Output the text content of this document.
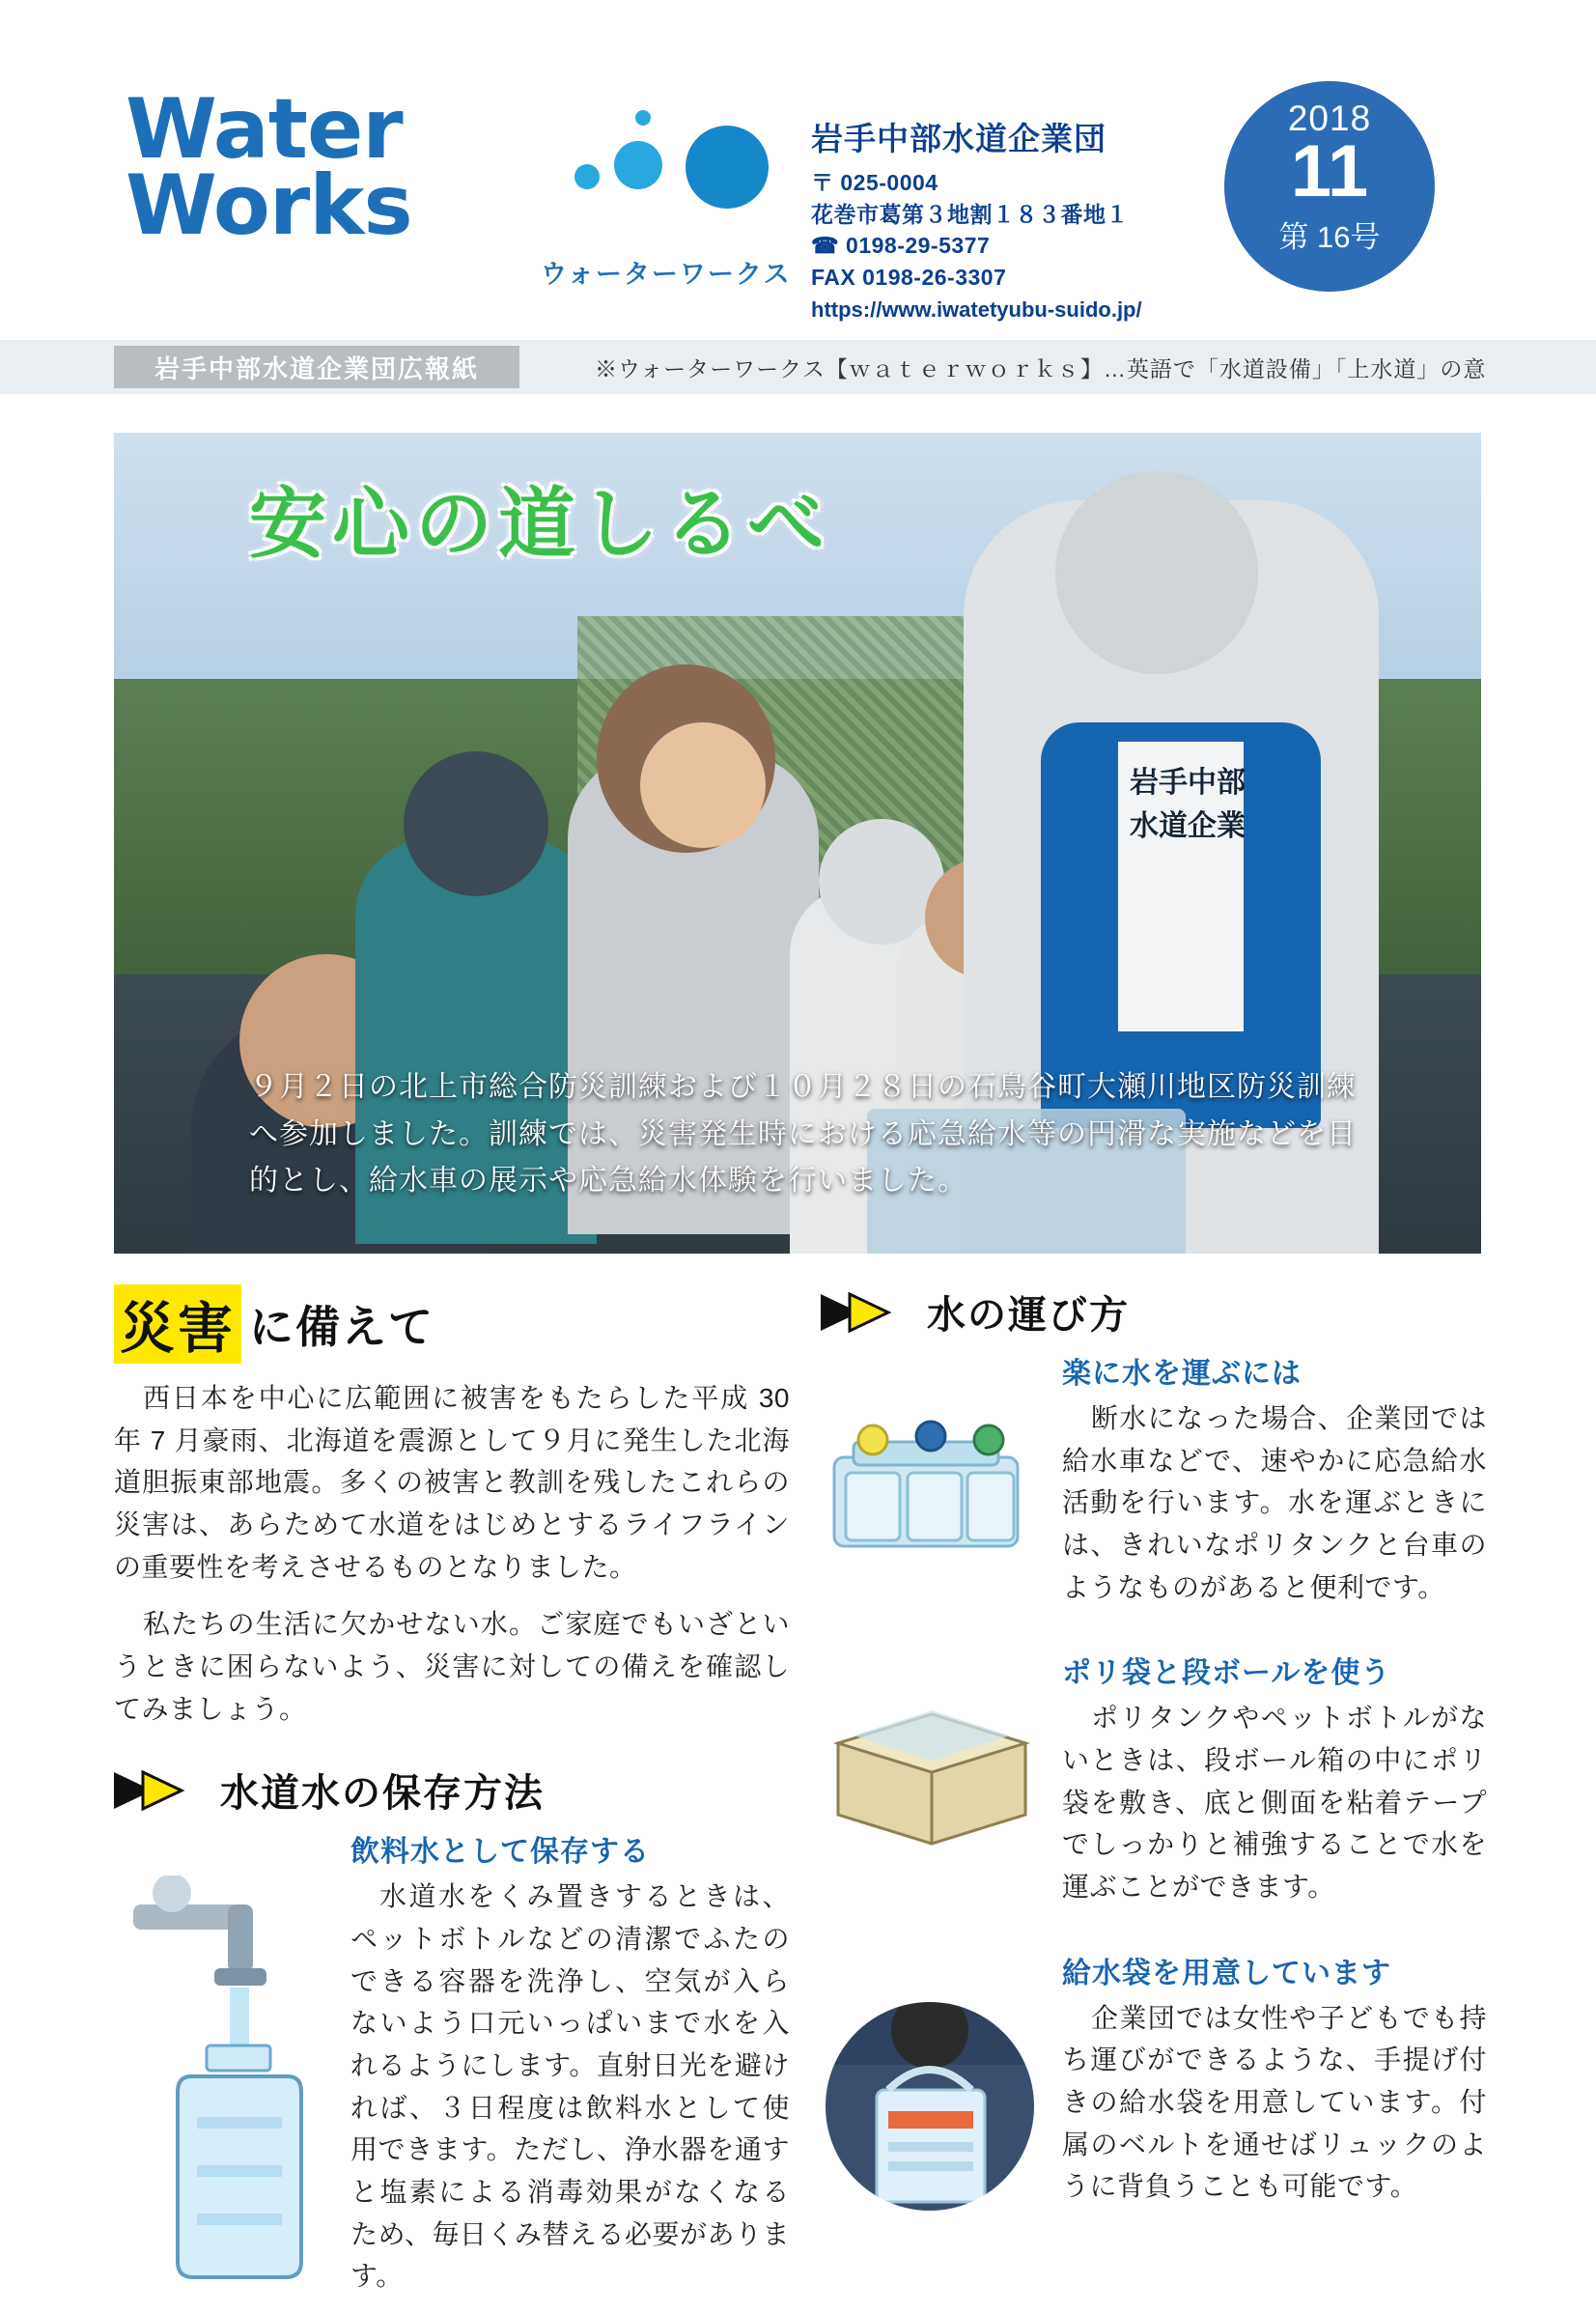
Water
Works
ウォーターワークス
岩手中部水道企業団
〒 025-0004
花巻市葛第３地割１８３番地１
☎ 0198-29-5377
FAX 0198-26-3307
https://www.iwatetyubu-suido.jp/
2018
11
第 16号
岩手中部水道企業団広報紙	※ウォーターワークス【ｗａｔｅｒｗｏｒｋｓ】…英語で「水道設備」「上水道」の意
岩手中部 水道企業
安心の道しるべ
９月２日の北上市総合防災訓練および１０月２８日の石鳥谷町大瀬川地区防災訓練へ参加しました。訓練では、災害発生時における応急給水等の円滑な実施などを目的とし、給水車の展示や応急給水体験を行いました。
災害 に備えて

西日本を中心に広範囲に被害をもたらした平成 30 年 7 月豪雨、北海道を震源として９月に発生した北海道胆振東部地震。多くの被害と教訓を残したこれらの災害は、あらためて水道をはじめとするライフラインの重要性を考えさせるものとなりました。

私たちの生活に欠かせない水。ご家庭でもいざというときに困らないよう、災害に対しての備えを確認してみましょう。

水道水の保存方法
飲料水として保存する

水道水をくみ置きするときは、ペットボトルなどの清潔でふたのできる容器を洗浄し、空気が入らないよう口元いっぱいまで水を入れるようにします。直射日光を避ければ、３日程度は飲料水として使用できます。ただし、浄水器を通すと塩素による消毒効果がなくなるため、毎日くみ替える必要があります。

水の運び方
楽に水を運ぶには

断水になった場合、企業団では給水車などで、速やかに応急給水活動を行います。水を運ぶときには、きれいなポリタンクと台車のようなものがあると便利です。

ポリ袋と段ボールを使う

ポリタンクやペットボトルがないときは、段ボール箱の中にポリ袋を敷き、底と側面を粘着テープでしっかりと補強することで水を運ぶことができます。

給水袋を用意しています

企業団では女性や子どもでも持ち運びができるような、手提げ付きの給水袋を用意しています。付属のベルトを通せばリュックのように背負うことも可能です。
